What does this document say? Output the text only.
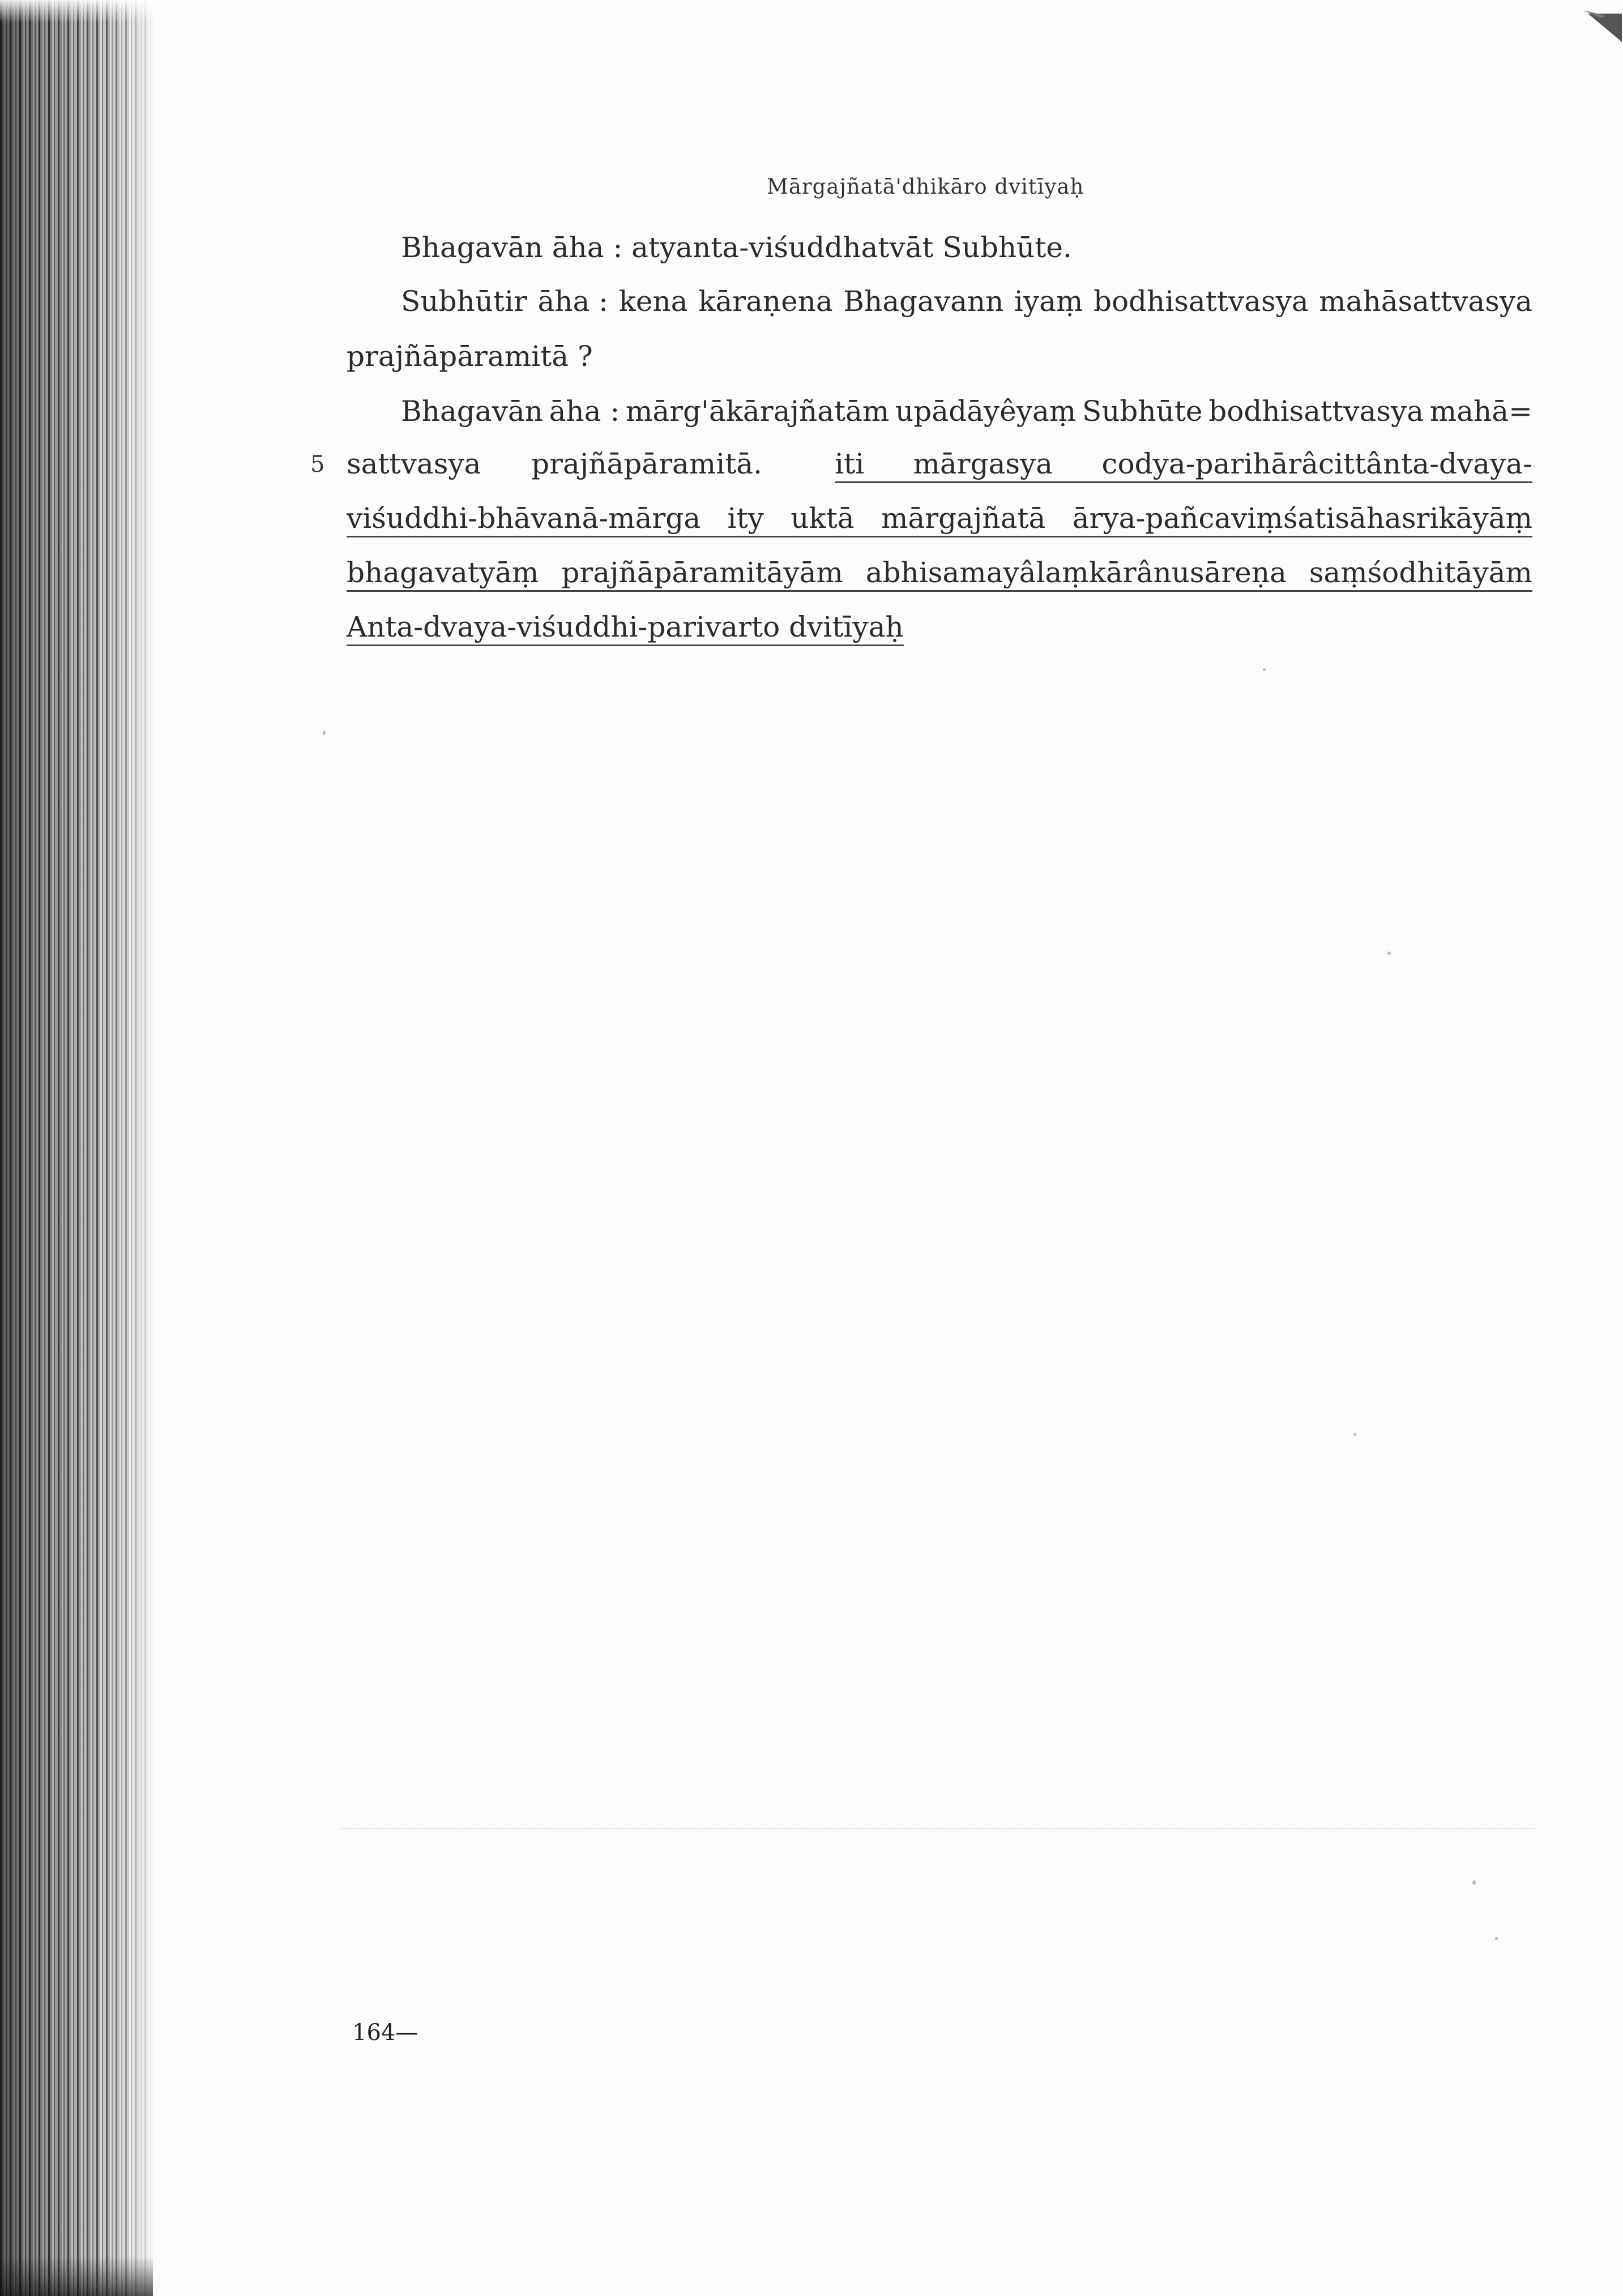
Mārgajñatā'dhikāro dvitīyaḥ
Bhagavān āha : atyanta-viśuddhatvāt Subhūte.
Subhūtir āha : kena kāraṇena Bhagavann iyaṃ bodhisattvasya mahāsattvasya
prajñāpāramitā ?
Bhagavān āha : mārg'ākārajñatām upādāyêyaṃ Subhūte bodhisattvasya mahā=
5 sattvasya prajñāpāramitā.	iti mārgasya codya-parihārâcittânta-dvaya-
viśuddhi-bhāvanā-mārga ity uktā mārgajñatā ārya-pañcaviṃśatisāhasrikāyāṃ
bhagavatyāṃ prajñāpāramitāyām abhisamayâlaṃkārânusāreṇa saṃśodhitāyām
Anta-dvaya-viśuddhi-parivarto dvitīyaḥ
164—
